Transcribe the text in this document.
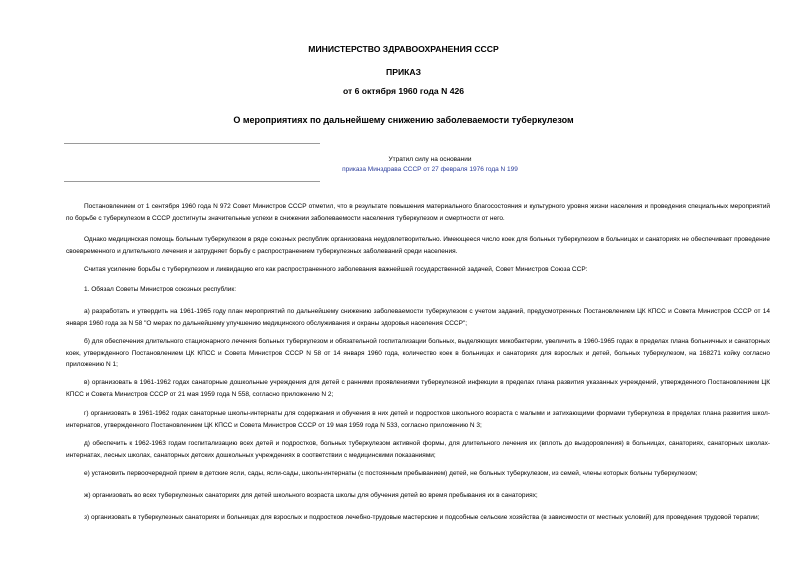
МИНИСТЕРСТВО ЗДРАВООХРАНЕНИЯ СССР
ПРИКАЗ
от 6 октября 1960 года N 426
О мероприятиях по дальнейшему снижению заболеваемости туберкулезом
Утратил силу на основании
приказа Минздрава СССР от 27 февраля 1976 года N 199

Постановлением от 1 сентября 1960 года N 972 Совет Министров СССР отметил, что в результате повышения материального благосостояния и культурного уровня жизни населения и проведения специальных мероприятий по борьбе с туберкулезом в СССР достигнуты значительные успехи в снижении заболеваемости населения туберкулезом и смертности от него.

Однако медицинская помощь больным туберкулезом в ряде союзных республик организована неудовлетворительно. Имеющееся число коек для больных туберкулезом в больницах и санаториях не обеспечивает проведение своевременного и длительного лечения и затрудняет борьбу с распространением туберкулезных заболеваний среди населения.

Считая усиление борьбы с туберкулезом и ликвидацию его как распространенного заболевания важнейшей государственной задачей, Совет Министров Союза ССР:

1. Обязал Советы Министров союзных республик:

а) разработать и утвердить на 1961-1965 году план мероприятий по дальнейшему снижению заболеваемости туберкулезом с учетом заданий, предусмотренных Постановлением ЦК КПСС и Совета Министров СССР от 14 января 1960 года за N 58 "О мерах по дальнейшему улучшению медицинского обслуживания и охраны здоровья населения СССР";

б) для обеспечения длительного стационарного лечения больных туберкулезом и обязательной госпитализации больных, выделяющих микобактерии, увеличить в 1960-1965 годах в пределах плана больничных и санаторных коек, утвержденного Постановлением ЦК КПСС и Совета Министров СССР N 58 от 14 января 1960 года, количество коек в больницах и санаториях для взрослых и детей, больных туберкулезом, на 168271 койку согласно приложению N 1;

в) организовать в 1961-1962 годах санаторные дошкольные учреждения для детей с ранними проявлениями туберкулезной инфекции в пределах плана развития указанных учреждений, утвержденного Постановлением ЦК КПСС и Совета Министров СССР от 21 мая 1959 года N 558, согласно приложению N 2;

г) организовать в 1961-1962 годах санаторные школы-интернаты для содержания и обучения в них детей и подростков школьного возраста с малыми и затихающими формами туберкулеза в пределах плана развития школ-интернатов, утвержденного Постановлением ЦК КПСС и Совета Министров СССР от 19 мая 1959 года N 533, согласно приложению N 3;

д) обеспечить к 1962-1963 годам госпитализацию всех детей и подростков, больных туберкулезом активной формы, для длительного лечения их (вплоть до выздоровления) в больницах, санаториях, санаторных школах-интернатах, лесных школах, санаторных детских дошкольных учреждениях в соответствии с медицинскими показаниями;

е) установить первоочередной прием в детские ясли, сады, ясли-сады, школы-интернаты (с постоянным пребыванием) детей, не больных туберкулезом, из семей, члены которых больны туберкулезом;

ж) организовать во всех туберкулезных санаториях для детей школьного возраста школы для обучения детей во время пребывания их в санаториях;

з) организовать в туберкулезных санаториях и больницах для взрослых и подростков лечебно-трудовые мастерские и подсобные сельские хозяйства (в зависимости от местных условий) для проведения трудовой терапии;
